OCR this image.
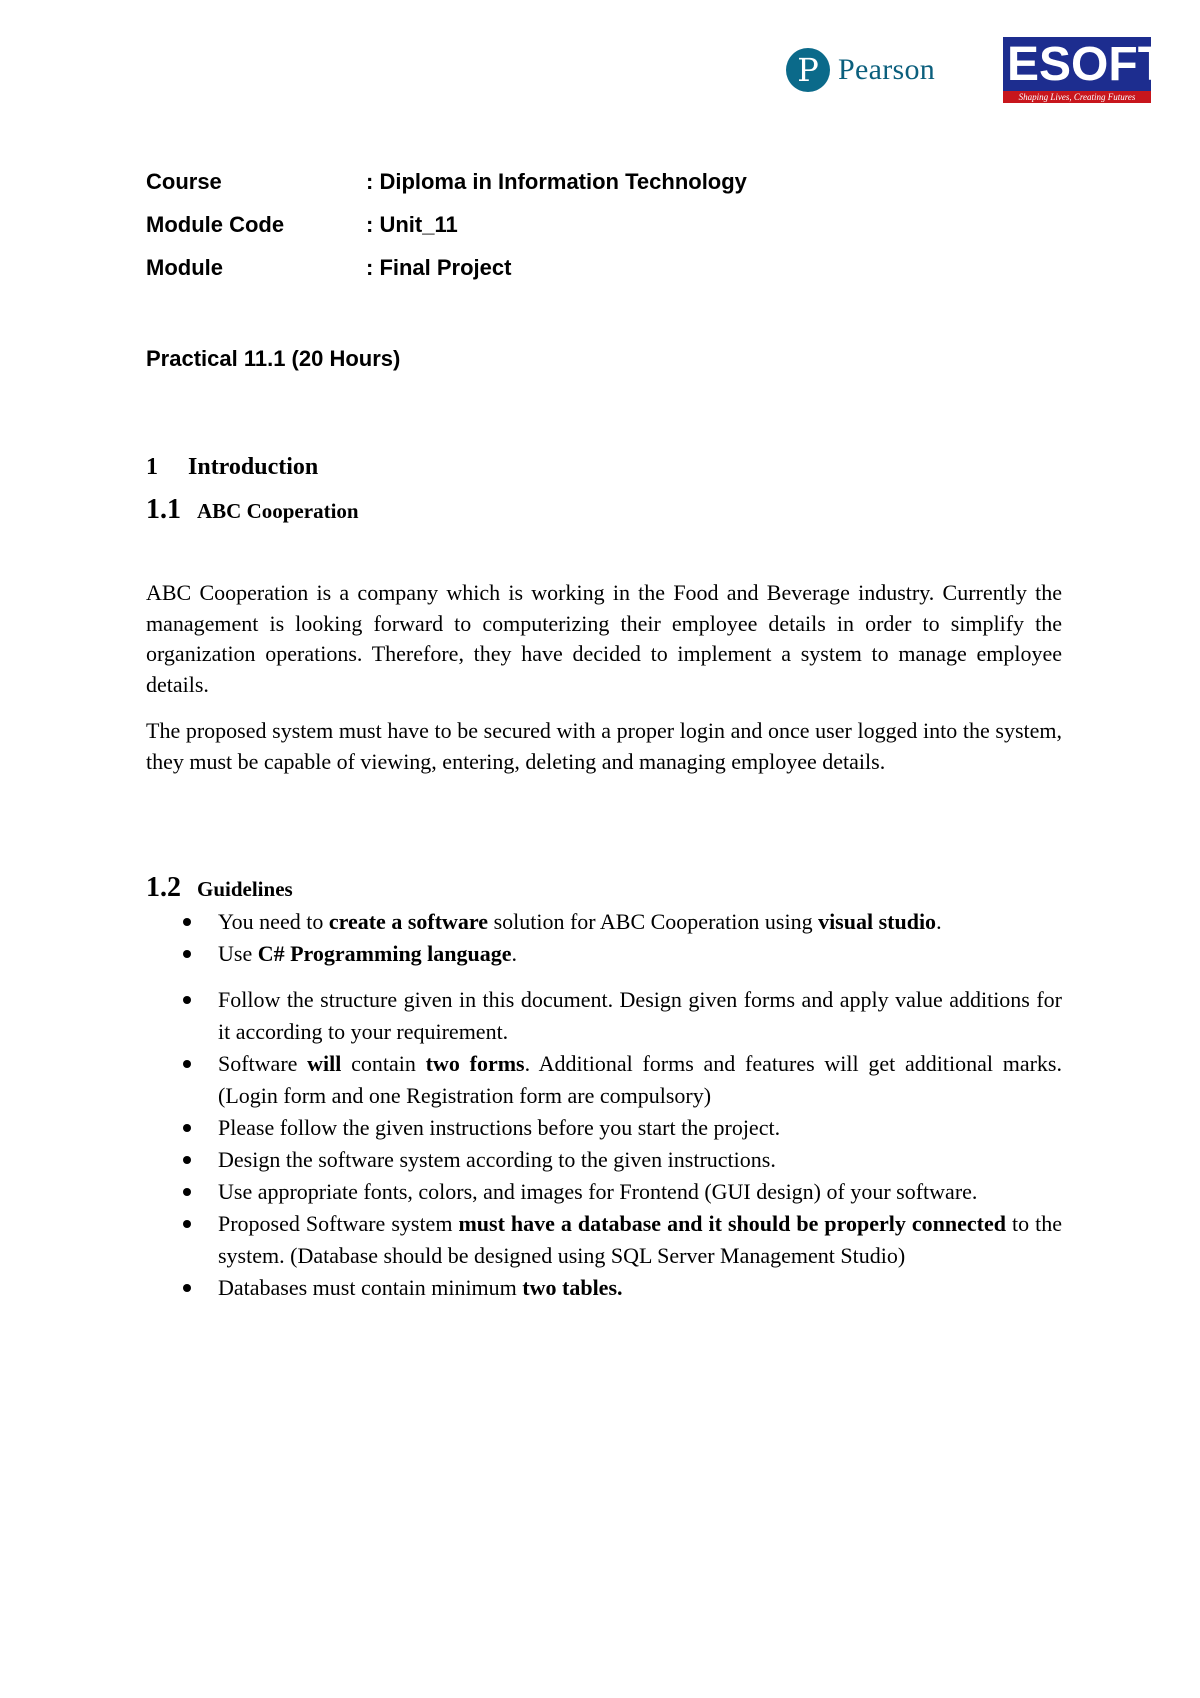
P Pearson ESOFT
Shaping Lives, Creating Futures
Course	: Diploma in Information Technology
Module Code	: Unit_11
Module	: Final Project
Practical 11.1 (20 Hours)
1 Introduction
1.1 ABC Cooperation

ABC Cooperation is a company which is working in the Food and Beverage industry. Currently the management is looking forward to computerizing their employee details in order to simplify the organization operations. Therefore, they have decided to implement a system to manage employee details.

The proposed system must have to be secured with a proper login and once user logged into the system, they must be capable of viewing, entering, deleting and managing employee details.

1.2 Guidelines
You need to create a software solution for ABC Cooperation using visual studio.
Use C# Programming language.
Follow the structure given in this document. Design given forms and apply value additions for it according to your requirement.
Software will contain two forms. Additional forms and features will get additional marks. (Login form and one Registration form are compulsory)
Please follow the given instructions before you start the project.
Design the software system according to the given instructions.
Use appropriate fonts, colors, and images for Frontend (GUI design) of your software.
Proposed Software system must have a database and it should be properly connected to the system. (Database should be designed using SQL Server Management Studio)
Databases must contain minimum two tables.
